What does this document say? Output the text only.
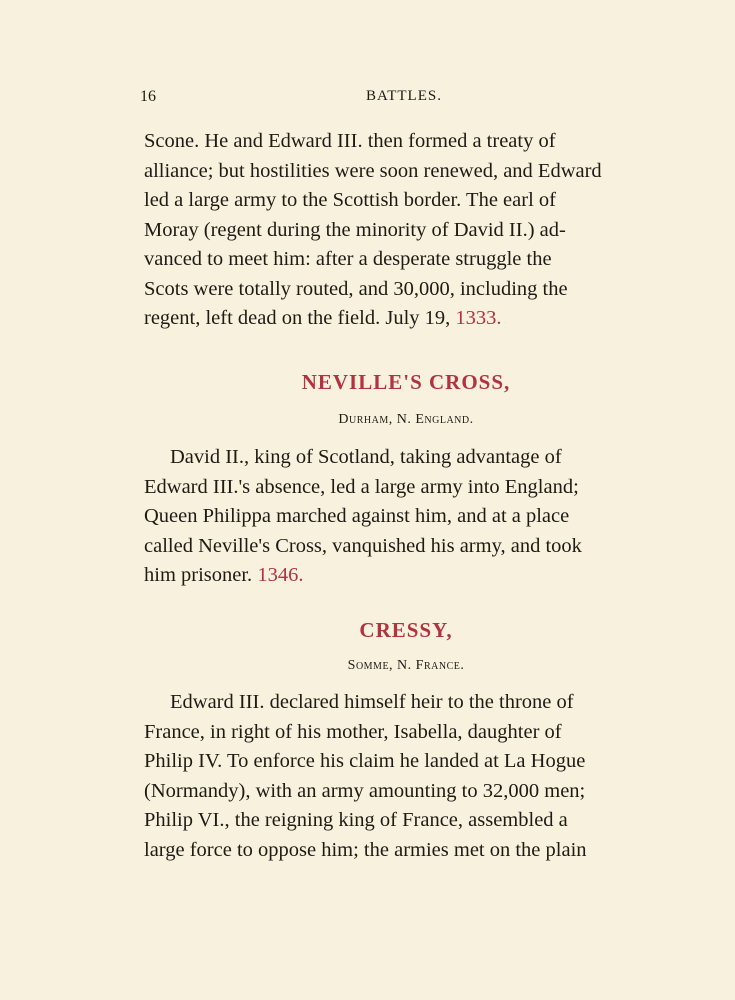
16	BATTLES.

Scone. He and Edward III. then formed a treaty of

alliance; but hostilities were soon renewed, and Edward

led a large army to the Scottish border. The earl of

Moray (regent during the minority of David II.) ad-

vanced to meet him: after a desperate struggle the

Scots were totally routed, and 30,000, including the

regent, left dead on the field. July 19, 1333.

NEVILLE'S CROSS,

Durham, N. England.

David II., king of Scotland, taking advantage of

Edward III.'s absence, led a large army into England;

Queen Philippa marched against him, and at a place

called Neville's Cross, vanquished his army, and took

him prisoner. 1346.

CRESSY,

Somme, N. France.

Edward III. declared himself heir to the throne of

France, in right of his mother, Isabella, daughter of

Philip IV. To enforce his claim he landed at La Hogue

(Normandy), with an army amounting to 32,000 men;

Philip VI., the reigning king of France, assembled a

large force to oppose him; the armies met on the plain
